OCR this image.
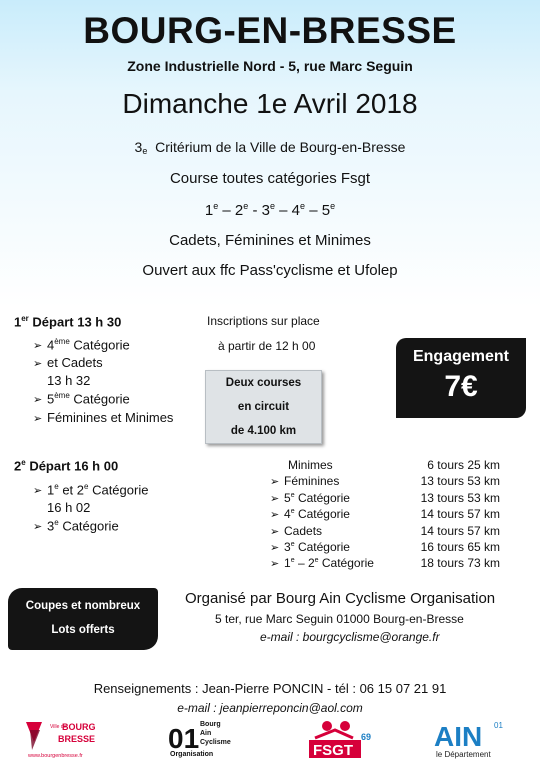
BOURG-EN-BRESSE
Zone Industrielle Nord - 5, rue Marc Seguin
Dimanche 1e Avril 2018
$3_e$ Critérium de la Ville de Bourg-en-Bresse
Course toutes catégories Fsgt
1e – 2e - 3e – 4e – 5e
Cadets, Féminines et Minimes
Ouvert aux ffc Pass'cyclisme et Ufolep
1er Départ 13 h 30
➢ 4ème Catégorie
➢ et Cadets
13 h 32
➢ 5ème Catégorie
➢ Féminines et Minimes
Inscriptions sur place
à partir de 12 h 00
Deux courses
en circuit
de 4.100 km
Engagement
7€
2e Départ 16 h 00
➢ 1e et 2e Catégorie
16 h 02
➢ 3e Catégorie
Minimes	6 tours 25 km
➢ Féminines	13 tours 53 km
➢ 5e Catégorie	13 tours 53 km
➢ 4e Catégorie	14 tours 57 km
➢ Cadets	14 tours 57 km
➢ 3e Catégorie	16 tours 65 km
➢ 1e – 2e Catégorie	18 tours 73 km
Coupes et nombreux
Lots offerts
Organisé par Bourg Ain Cyclisme Organisation
5 ter, rue Marc Seguin 01000 Bourg-en-Bresse
e-mail : bourgcyclisme@orange.fr
Renseignements : Jean-Pierre PONCIN - tél : 06 15 07 21 91
e-mail : jeanpierreponcin@aol.com
Ville de
BOURG
BRESSE
www.bourgenbresse.fr
01 Bourg
Ain
Cyclisme
Organisation	FSGT
69 AIN 01
le Département
